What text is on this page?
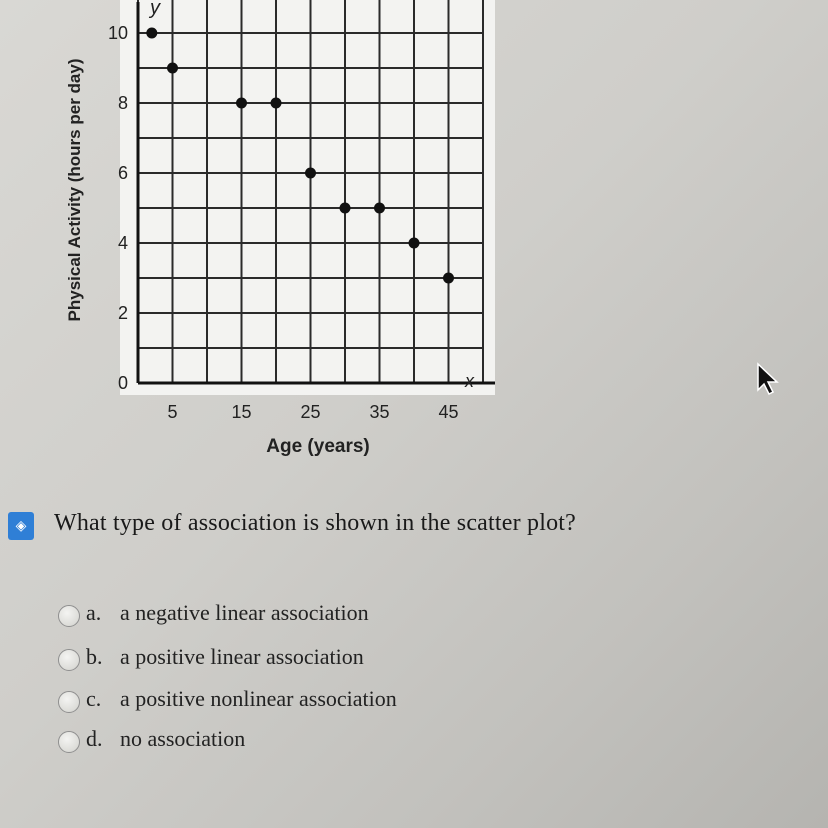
5	15	25	35	45
0
2
4
6
8
10
x
y
Age (years)
Physical Activity (hours per day)
◈	What type of association is shown in the scatter plot?
a. a negative linear association
b. a positive linear association
c. a positive nonlinear association
d. no association
